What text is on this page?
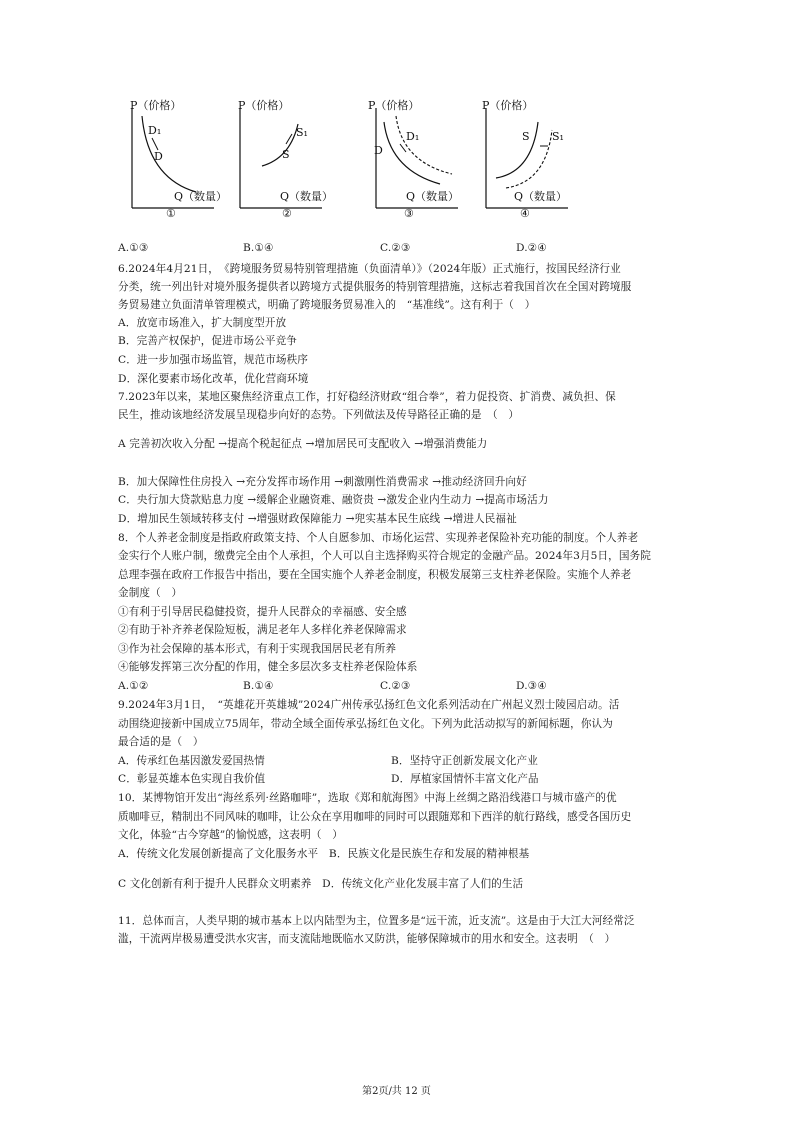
P（价格）
D₁
D
Q（数量）
①
P（价格）
S₁
S
Q（数量）
②
P（价格）
D
D₁
Q（数量）
③
P（价格）
S S₁
Q（数量）
④
A.①③	B.①④	C.②③	D.②④
6.2024年4月21日，　《跨境服务贸易特别管理措施（负面清单）》（2024年版）正式施行，按国民经济行业
分类，统一列出针对境外服务提供者以跨境方式提供服务的特别管理措施，这标志着我国首次在全国对跨境服
务贸易建立负面清单管理模式，明确了跨境服务贸易准入的　“基准线”。这有利于（　）
A．放宽市场准入，扩大制度型开放
B．完善产权保护，促进市场公平竞争
C．进一步加强市场监管，规范市场秩序
D．深化要素市场化改革，优化营商环境
7.2023年以来，某地区聚焦经济重点工作，打好稳经济财政“组合拳”，着力促投资、扩消费、减负担、保
民生，推动该地经济发展呈现稳步向好的态势。下列做法及传导路径正确的是　（　）
A 完善初次收入分配 →提高个税起征点 →增加居民可支配收入 →增强消费能力
B．加大保障性住房投入 →充分发挥市场作用 →刺激刚性消费需求 →推动经济回升向好
C．央行加大贷款贴息力度 →缓解企业融资难、融资贵 →激发企业内生动力 →提高市场活力
D．增加民生领域转移支付 →增强财政保障能力 →兜实基本民生底线 →增进人民福祉
8．个人养老金制度是指政府政策支持、个人自愿参加、市场化运营、实现养老保险补充功能的制度。个人养老
金实行个人账户制，缴费完全由个人承担，个人可以自主选择购买符合规定的金融产品。2024年3月5日，国务院
总理李强在政府工作报告中指出，要在全国实施个人养老金制度，积极发展第三支柱养老保险。实施个人养老
金制度（　）
①有利于引导居民稳健投资，提升人民群众的幸福感、安全感
②有助于补齐养老保险短板，满足老年人多样化养老保障需求
③作为社会保障的基本形式，有利于实现我国居民老有所养
④能够发挥第三次分配的作用，健全多层次多支柱养老保险体系
A.①②	B.①④	C.②③	D.③④
9.2024年3月1日，　“英雄花开英雄城”2024广州传承弘扬红色文化系列活动在广州起义烈士陵园启动。活
动围绕迎接新中国成立75周年，带动全域全面传承弘扬红色文化。下列为此活动拟写的新闻标题，你认为
最合适的是（　）
A．传承红色基因激发爱国热情	B．坚持守正创新发展文化产业
C．彰显英雄本色实现自我价值	D．厚植家国情怀丰富文化产品
10．某博物馆开发出“海丝系列·丝路咖啡”，选取《郑和航海图》中海上丝绸之路沿线港口与城市盛产的优
质咖啡豆，精制出不同风味的咖啡，让公众在享用咖啡的同时可以跟随郑和下西洋的航行路线，感受各国历史
文化，体验“古今穿越”的愉悦感，这表明（　）
A．传统文化发展创新提高了文化服务水平　B．民族文化是民族生存和发展的精神根基
C 文化创新有利于提升人民群众文明素养　D．传统文化产业化发展丰富了人们的生活
11．总体而言，人类早期的城市基本上以内陆型为主，位置多是“远干流，近支流”。这是由于大江大河经常泛
滥，干流两岸极易遭受洪水灾害，而支流陆地既临水又防洪，能够保障城市的用水和安全。这表明　（　）
第2页/共 12 页
